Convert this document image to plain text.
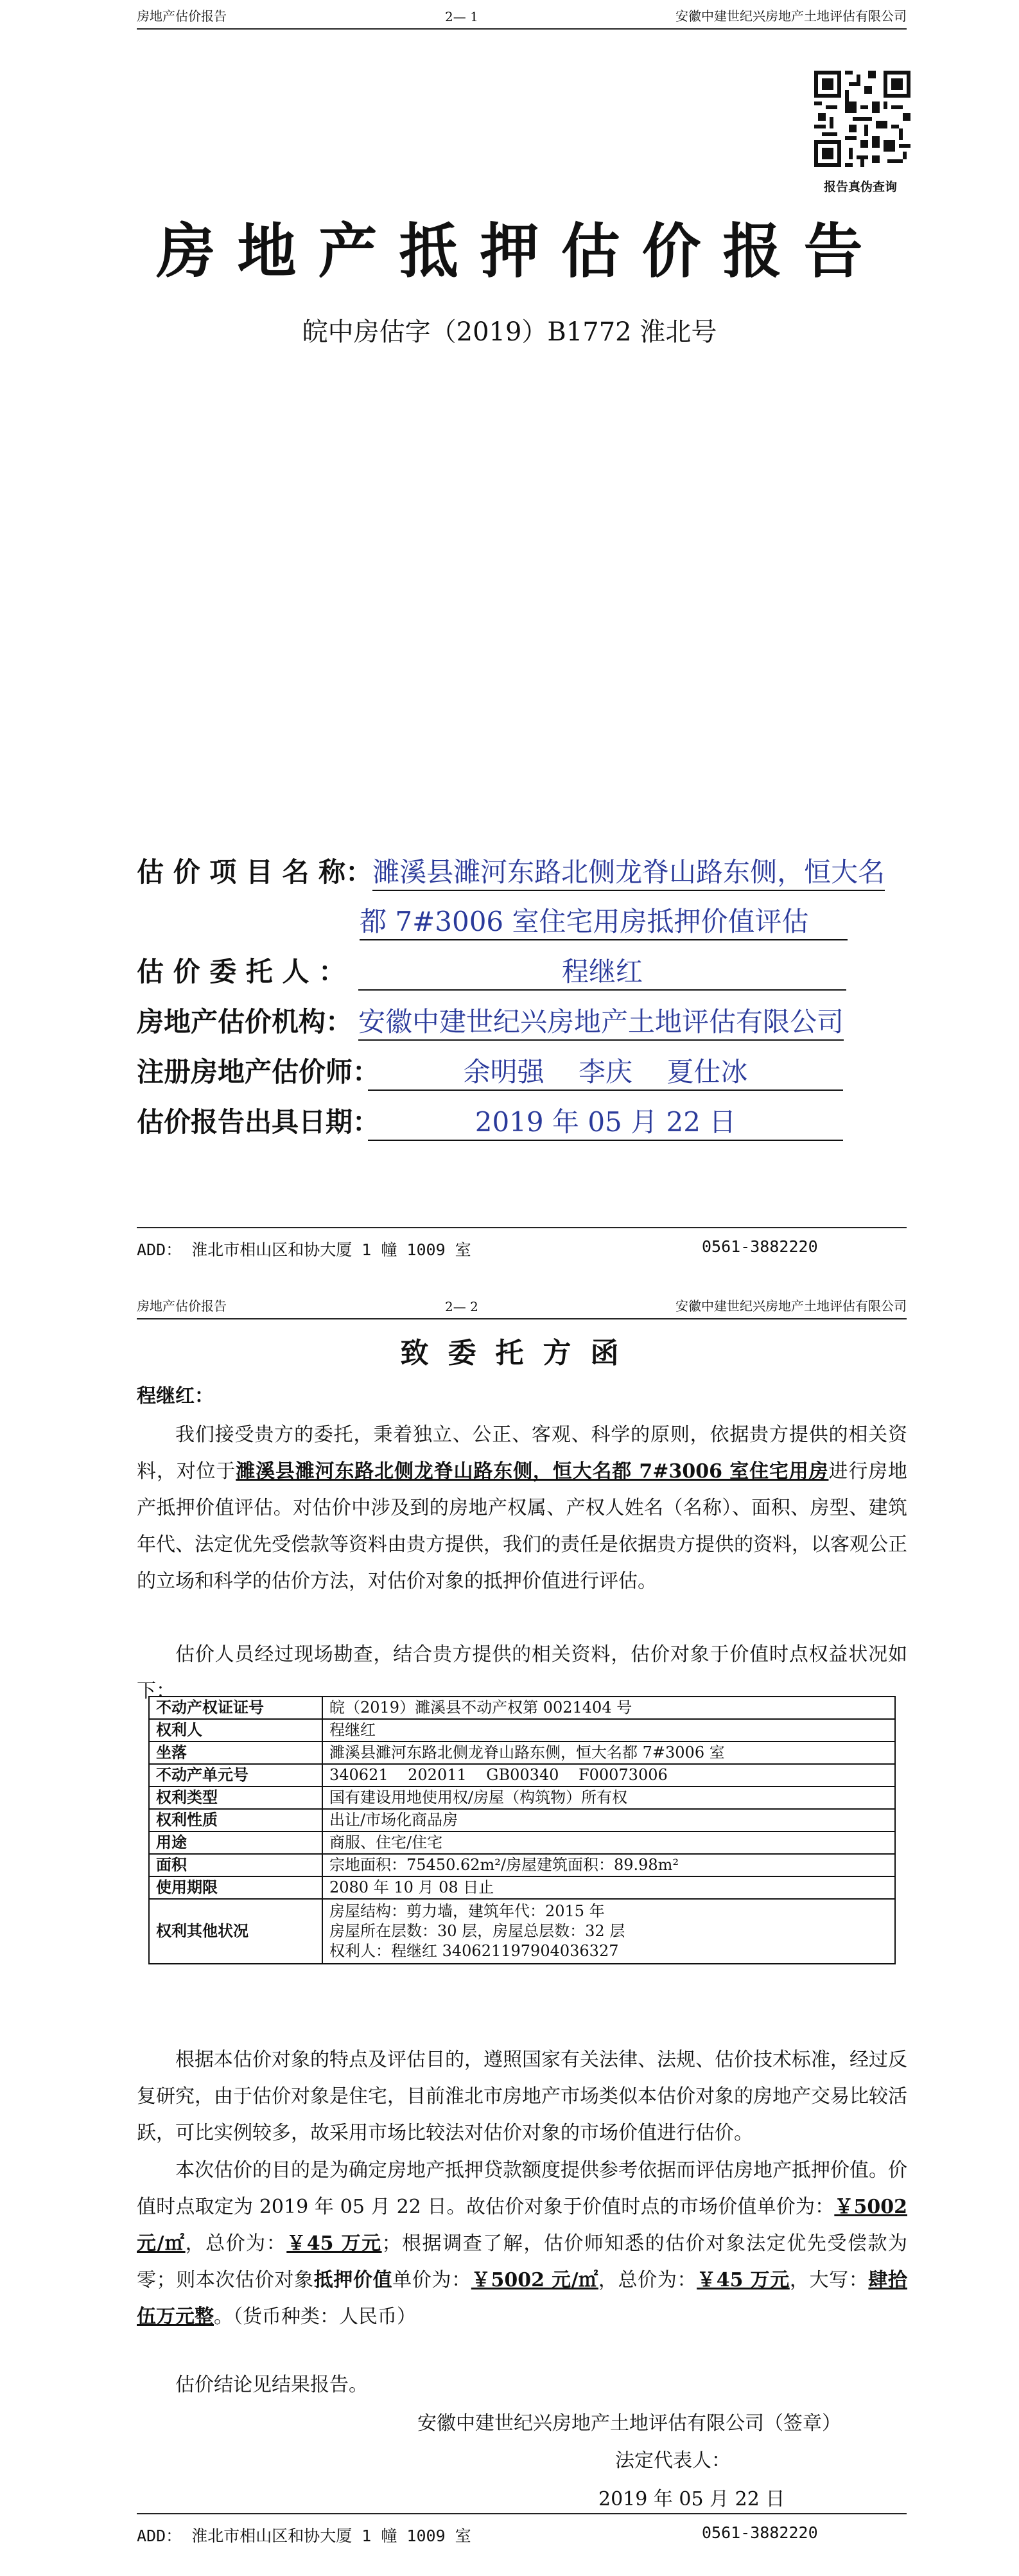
房地产估价报告	2— 1	安徽中建世纪兴房地产土地评估有限公司
报告真伪查询
房地产抵押估价报告
皖中房估字（2019）B1772 淮北号
估 价 项 目 名 称：濉溪县濉河东路北侧龙脊山路东侧，恒大名
都 7#3006 室住宅用房抵押价值评估
估 价 委 托 人 ：	程继红
房地产估价机构： 安徽中建世纪兴房地产土地评估有限公司
注册房地产估价师：	余明强    李庆    夏仕冰
估价报告出具日期：	2019 年 05 月 22 日
ADD： 淮北市相山区和协大厦 1 幢 1009 室	0561-3882220
房地产估价报告	2— 2	安徽中建世纪兴房地产土地评估有限公司
致委托方函
程继红：
我们接受贵方的委托，秉着独立、公正、客观、科学的原则，依据贵方提供的相关资料，对位于濉溪县濉河东路北侧龙脊山路东侧，恒大名都 7#3006 室住宅用房进行房地产抵押价值评估。对估价中涉及到的房地产权属、产权人姓名（名称）、面积、房型、建筑年代、法定优先受偿款等资料由贵方提供，我们的责任是依据贵方提供的资料，以客观公正的立场和科学的估价方法，对估价对象的抵押价值进行评估。
估价人员经过现场勘查，结合贵方提供的相关资料，估价对象于价值时点权益状况如下：
不动产权证证号	皖（2019）濉溪县不动产权第 0021404 号
权利人	程继红
坐落	濉溪县濉河东路北侧龙脊山路东侧，恒大名都 7#3006 室
不动产单元号	340621    202011    GB00340    F00073006
权利类型	国有建设用地使用权/房屋（构筑物）所有权
权利性质	出让/市场化商品房
用途	商服、住宅/住宅
面积	宗地面积：75450.62m²/房屋建筑面积：89.98m²
使用期限	2080 年 10 月 08 日止
权利其他状况	房屋结构：剪力墙，建筑年代：2015 年
房屋所在层数：30 层，房屋总层数：32 层
权利人：程继红 340621197904036327
根据本估价对象的特点及评估目的，遵照国家有关法律、法规、估价技术标准，经过反复研究，由于估价对象是住宅，目前淮北市房地产市场类似本估价对象的房地产交易比较活跃，可比实例较多，故采用市场比较法对估价对象的市场价值进行估价。
本次估价的目的是为确定房地产抵押贷款额度提供参考依据而评估房地产抵押价值。价值时点取定为 2019 年 05 月 22 日。故估价对象于价值时点的市场价值单价为：￥5002 元/㎡，总价为：￥45 万元；根据调查了解，估价师知悉的估价对象法定优先受偿款为零；则本次估价对象抵押价值单价为：￥5002 元/㎡，总价为：￥45 万元，大写：肆拾伍万元整。（货币种类：人民币）
估价结论见结果报告。
安徽中建世纪兴房地产土地评估有限公司（签章）
法定代表人：
2019 年 05 月 22 日
ADD： 淮北市相山区和协大厦 1 幢 1009 室	0561-3882220
